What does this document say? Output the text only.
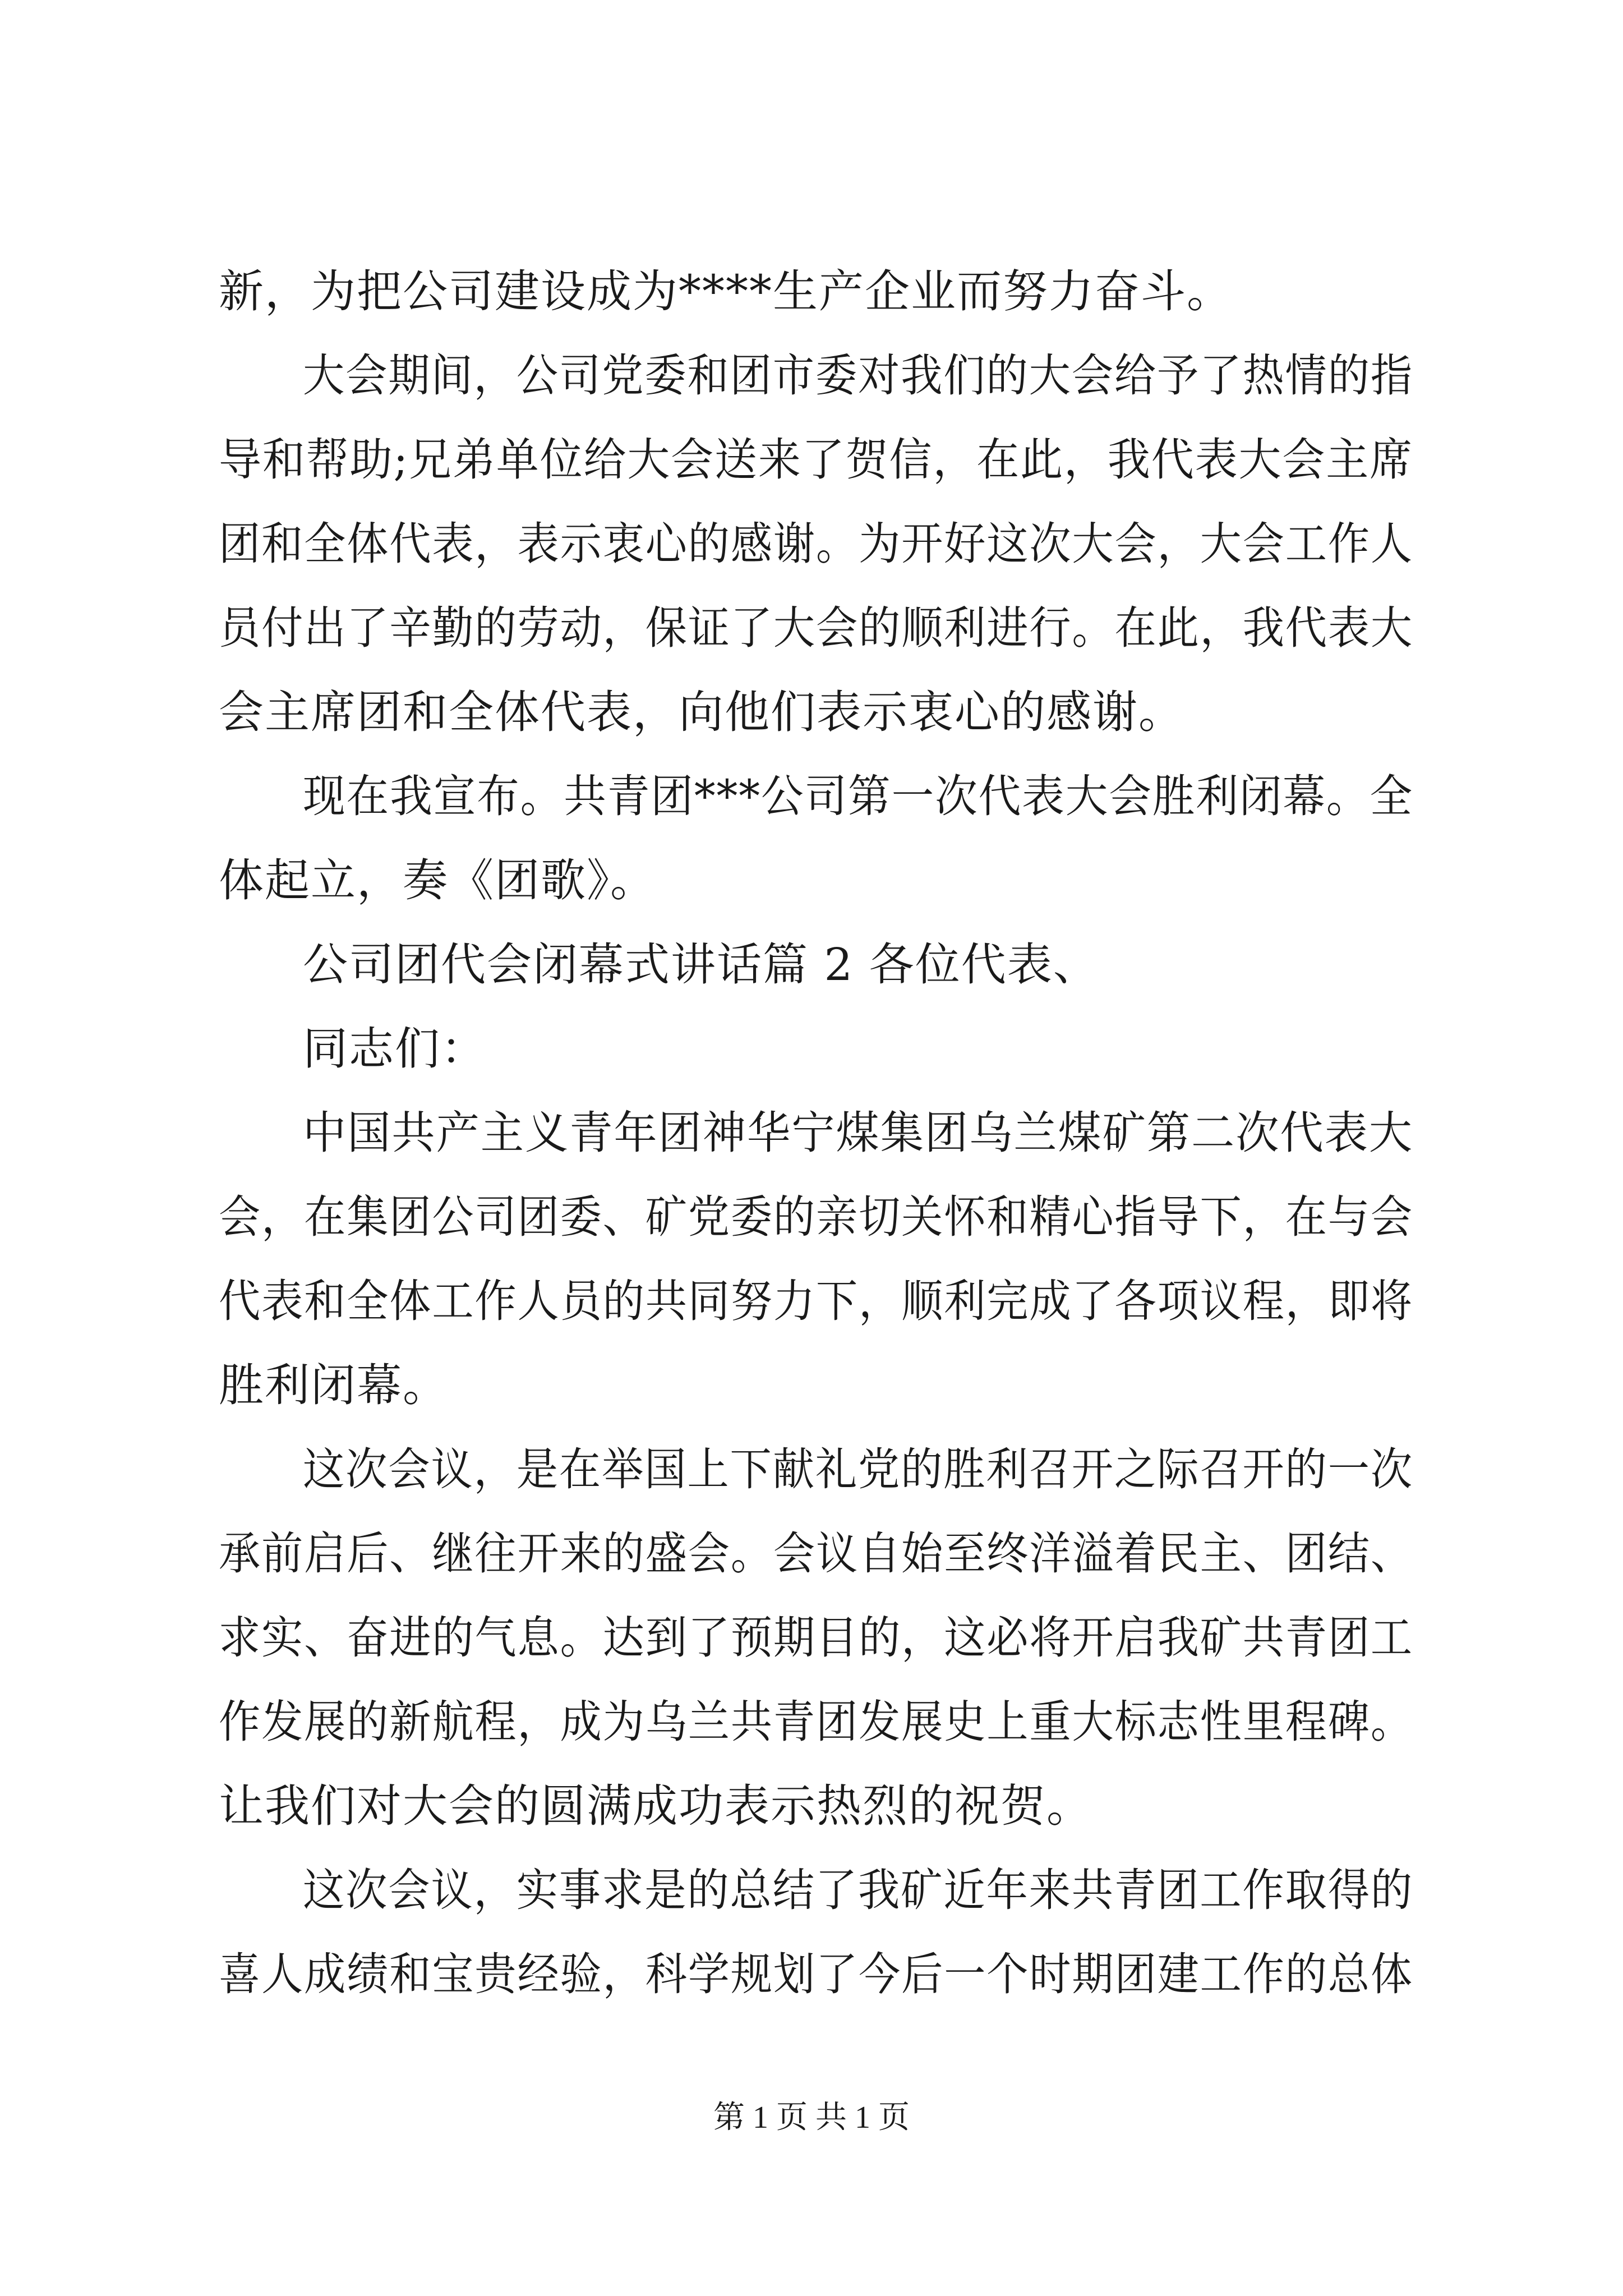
新，为把公司建设成为****生产企业而努力奋斗。
大会期间，公司党委和团市委对我们的大会给予了热情的指
导和帮助;兄弟单位给大会送来了贺信，在此，我代表大会主席
团和全体代表，表示衷心的感谢。为开好这次大会，大会工作人
员付出了辛勤的劳动，保证了大会的顺利进行。在此，我代表大
会主席团和全体代表，向他们表示衷心的感谢。
现在我宣布。共青团***公司第一次代表大会胜利闭幕。全
体起立，奏《团歌》。
公司团代会闭幕式讲话篇 2 各位代表、
同志们：
中国共产主义青年团神华宁煤集团乌兰煤矿第二次代表大
会，在集团公司团委、矿党委的亲切关怀和精心指导下，在与会
代表和全体工作人员的共同努力下，顺利完成了各项议程，即将
胜利闭幕。
这次会议，是在举国上下献礼党的胜利召开之际召开的一次
承前启后、继往开来的盛会。会议自始至终洋溢着民主、团结、
求实、奋进的气息。达到了预期目的，这必将开启我矿共青团工
作发展的新航程，成为乌兰共青团发展史上重大标志性里程碑。
让我们对大会的圆满成功表示热烈的祝贺。
这次会议，实事求是的总结了我矿近年来共青团工作取得的
喜人成绩和宝贵经验，科学规划了今后一个时期团建工作的总体
第 1 页 共 1 页
